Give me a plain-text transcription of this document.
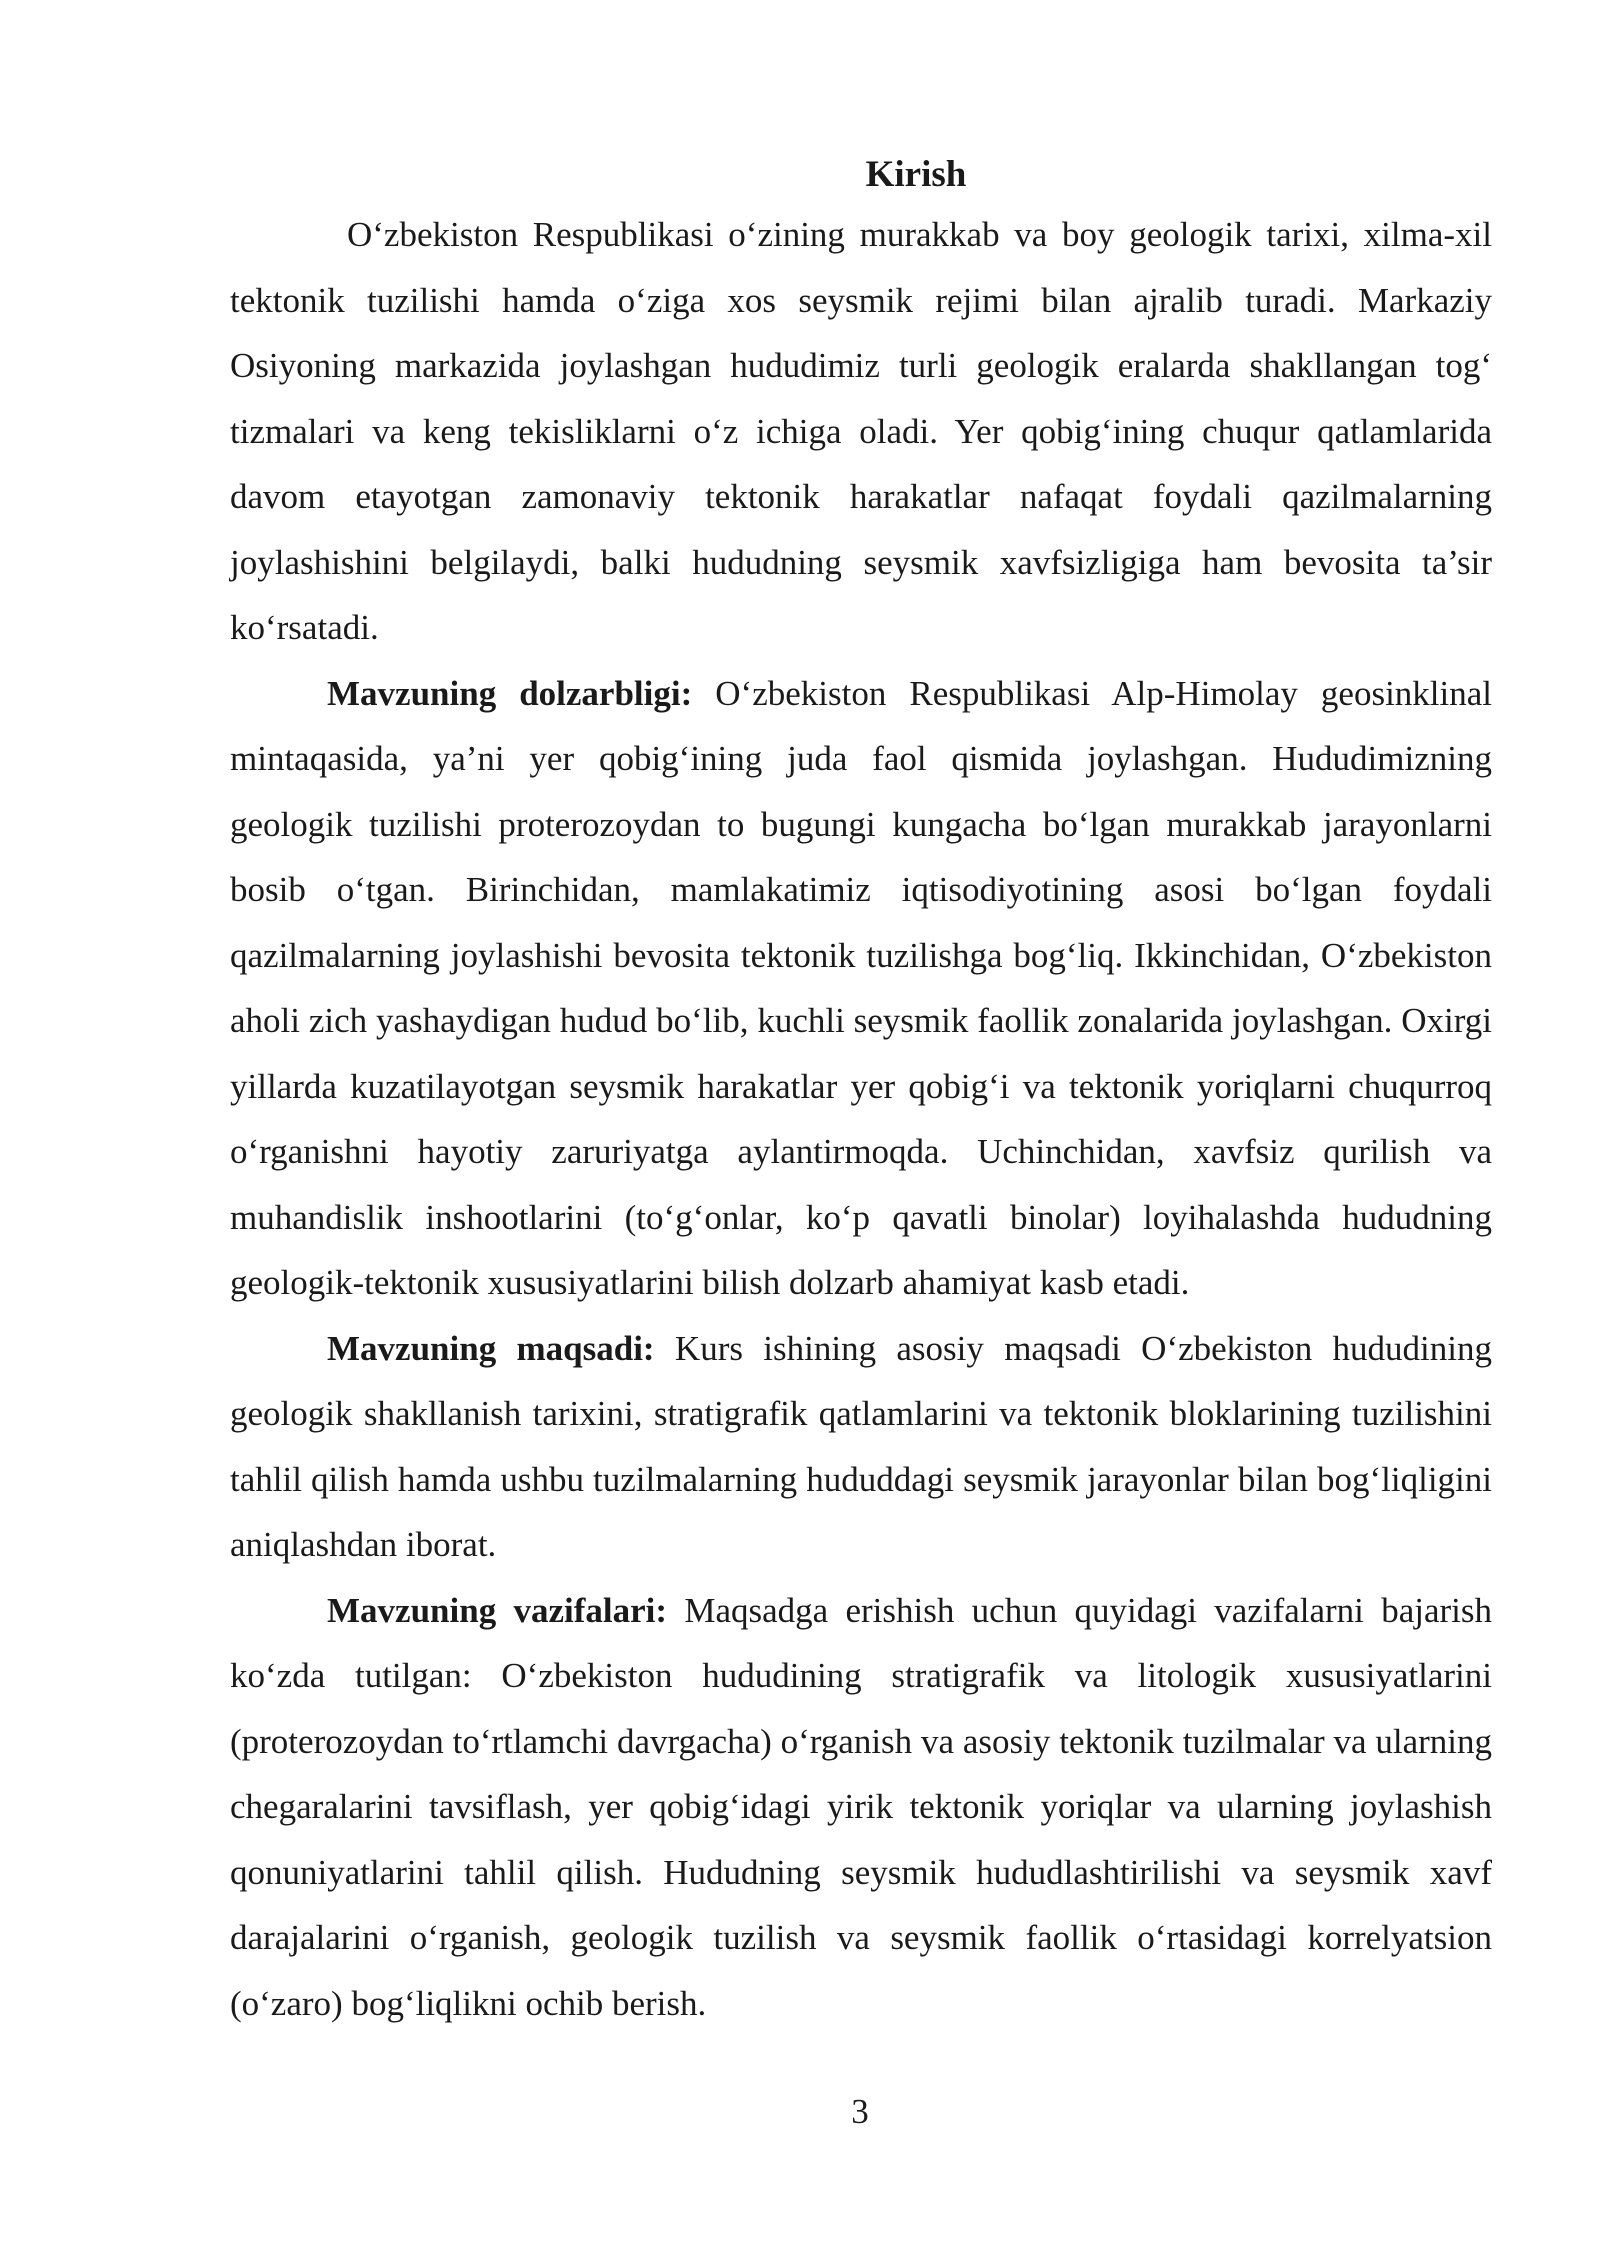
Kirish

O‘zbekiston Respublikasi o‘zining murakkab va boy geologik tarixi, xilma-xil tektonik tuzilishi hamda o‘ziga xos seysmik rejimi bilan ajralib turadi. Markaziy Osiyoning markazida joylashgan hududimiz turli geologik eralarda shakllangan tog‘ tizmalari va keng tekisliklarni o‘z ichiga oladi. Yer qobig‘ining chuqur qatlamlarida davom etayotgan zamonaviy tektonik harakatlar nafaqat foydali qazilmalarning joylashishini belgilaydi, balki hududning seysmik xavfsizligiga ham bevosita ta’sir ko‘rsatadi.

Mavzuning dolzarbligi: O‘zbekiston Respublikasi Alp-Himolay geosinklinal mintaqasida, ya’ni yer qobig‘ining juda faol qismida joylashgan. Hududimizning geologik tuzilishi proterozoydan to bugungi kungacha bo‘lgan murakkab jarayonlarni bosib o‘tgan. Birinchidan, mamlakatimiz iqtisodiyotining asosi bo‘lgan foydali qazilmalarning joylashishi bevosita tektonik tuzilishga bog‘liq. Ikkinchidan, O‘zbekiston aholi zich yashaydigan hudud bo‘lib, kuchli seysmik faollik zonalarida joylashgan. Oxirgi yillarda kuzatilayotgan seysmik harakatlar yer qobig‘i va tektonik yoriqlarni chuqurroq o‘rganishni hayotiy zaruriyatga aylantirmoqda. Uchinchidan, xavfsiz qurilish va muhandislik inshootlarini (to‘g‘onlar, ko‘p qavatli binolar) loyihalashda hududning geologik-tektonik xususiyatlarini bilish dolzarb ahamiyat kasb etadi.

Mavzuning maqsadi: Kurs ishining asosiy maqsadi O‘zbekiston hududining geologik shakllanish tarixini, stratigrafik qatlamlarini va tektonik bloklarining tuzilishini tahlil qilish hamda ushbu tuzilmalarning hududdagi seysmik jarayonlar bilan bog‘liqligini aniqlashdan iborat.

Mavzuning vazifalari: Maqsadga erishish uchun quyidagi vazifalarni bajarish ko‘zda tutilgan: O‘zbekiston hududining stratigrafik va litologik xususiyatlarini (proterozoydan to‘rtlamchi davrgacha) o‘rganish va asosiy tektonik tuzilmalar va ularning chegaralarini tavsiflash, yer qobig‘idagi yirik tektonik yoriqlar va ularning joylashish qonuniyatlarini tahlil qilish. Hududning seysmik hududlashtirilishi va seysmik xavf darajalarini o‘rganish, geologik tuzilish va seysmik faollik o‘rtasidagi korrelyatsion (o‘zaro) bog‘liqlikni ochib berish.

3
